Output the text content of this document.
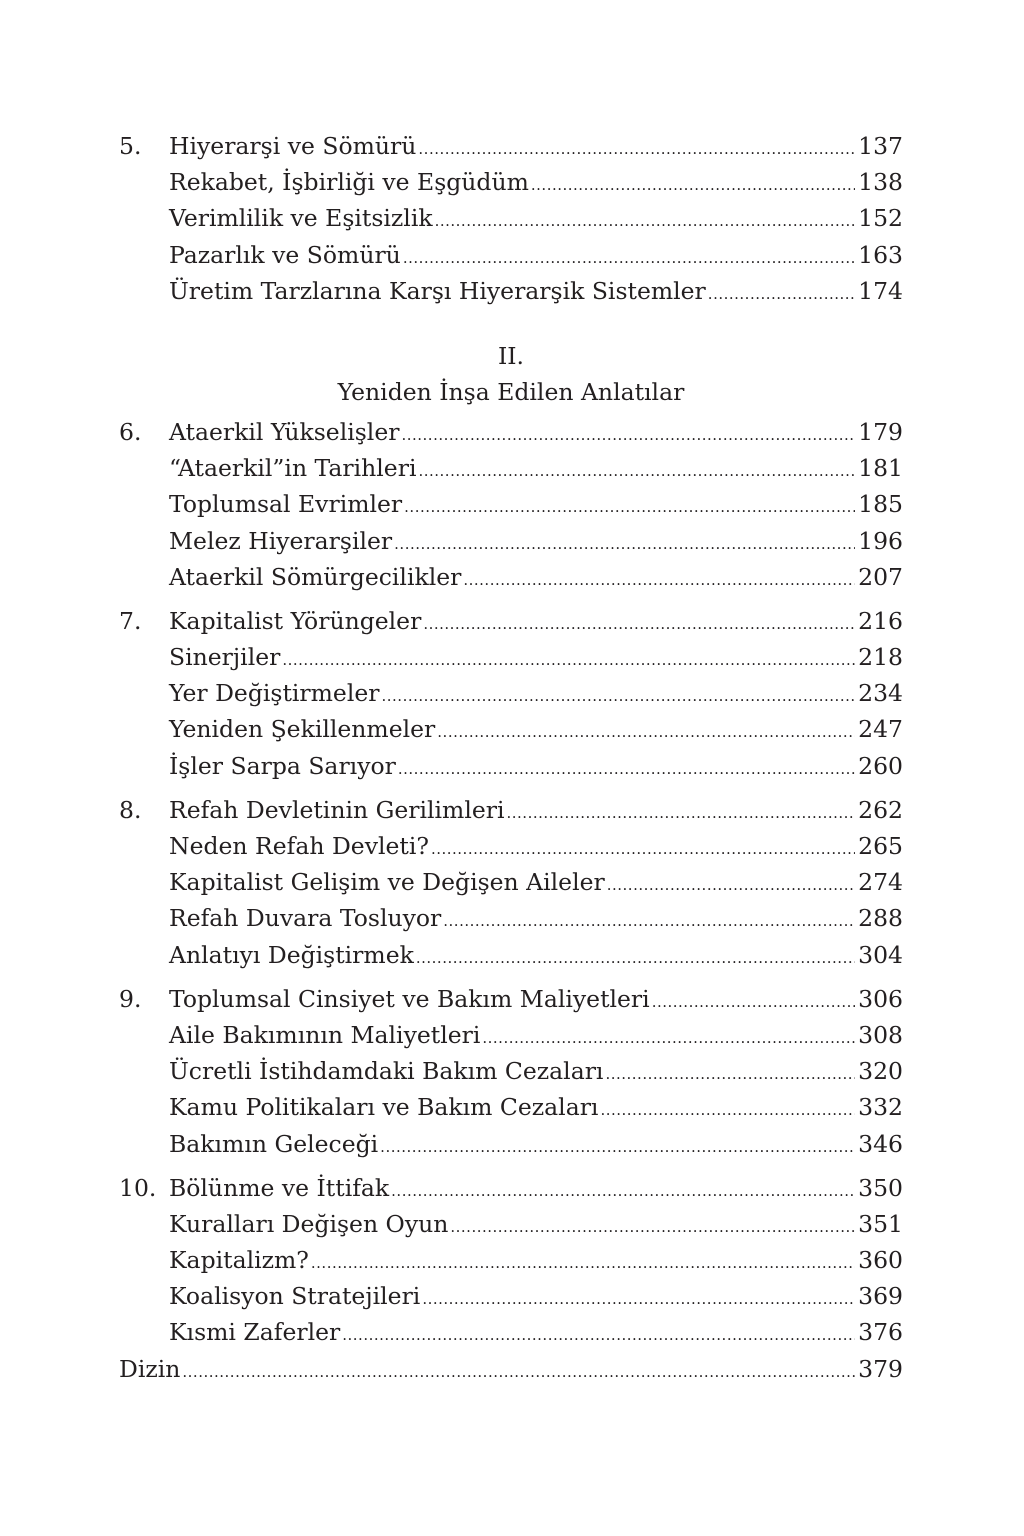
5.	Hiyerarşi ve Sömürü .....	137
Rekabet, İşbirliği ve Eşgüdüm .....	138
Verimlilik ve Eşitsizlik .....	152
Pazarlık ve Sömürü .....	163
Üretim Tarzlarına Karşı Hiyerarşik Sistemler .....	174
II.
Yeniden İnşa Edilen Anlatılar
6.	Ataerkil Yükselişler .....	179
“Ataerkil”in Tarihleri .....	181
Toplumsal Evrimler .....	185
Melez Hiyerarşiler .....	196
Ataerkil Sömürgecilikler .....	207
7.	Kapitalist Yörüngeler .....	216
Sinerjiler .....	218
Yer Değiştirmeler .....	234
Yeniden Şekillenmeler .....	247
İşler Sarpa Sarıyor .....	260
8.	Refah Devletinin Gerilimleri .....	262
Neden Refah Devleti? .....	265
Kapitalist Gelişim ve Değişen Aileler .....	274
Refah Duvara Tosluyor .....	288
Anlatıyı Değiştirmek .....	304
9.	Toplumsal Cinsiyet ve Bakım Maliyetleri .....	306
Aile Bakımının Maliyetleri .....	308
Ücretli İstihdamdaki Bakım Cezaları .....	320
Kamu Politikaları ve Bakım Cezaları .....	332
Bakımın Geleceği .....	346
10. Bölünme ve İttifak .....	350
Kuralları Değişen Oyun .....	351
Kapitalizm? .....	360
Koalisyon Stratejileri .....	369
Kısmi Zaferler .....	376
Dizin .....	379
